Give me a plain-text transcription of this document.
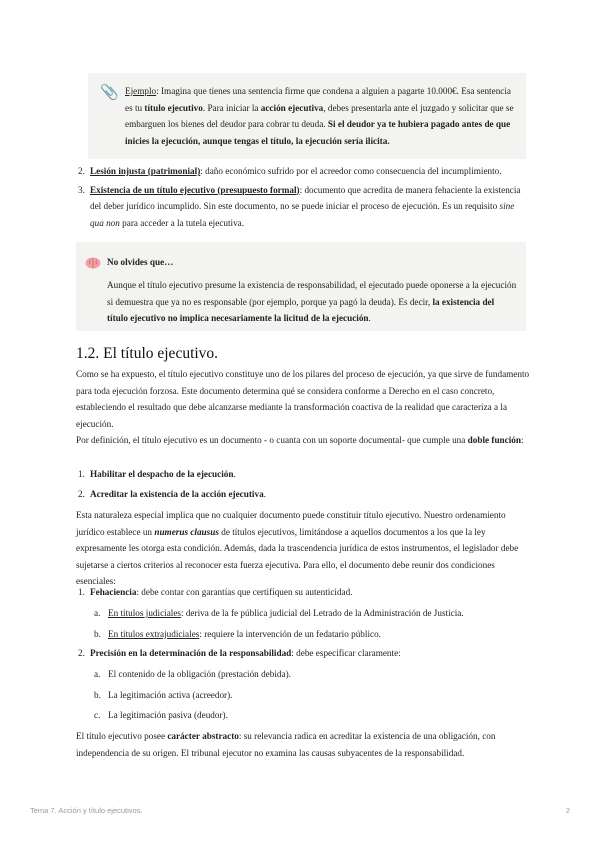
📎 Ejemplo: Imagina que tienes una sentencia firme que condena a alguien a pagarte 10.000€. Esa sentencia es tu título ejecutivo. Para iniciar la acción ejecutiva, debes presentarla ante el juzgado y solicitar que se embarguen los bienes del deudor para cobrar tu deuda. Si el deudor ya te hubiera pagado antes de que inicies la ejecución, aunque tengas el título, la ejecución sería ilícita.
2. Lesión injusta (patrimonial): daño económico sufrido por el acreedor como consecuencia del incumplimiento.
3. Existencia de un título ejecutivo (presupuesto formal): documento que acredita de manera fehaciente la existencia del deber jurídico incumplido. Sin este documento, no se puede iniciar el proceso de ejecución. Es un requisito sine qua non para acceder a la tutela ejecutiva.
No olvides que…
Aunque el título ejecutivo presume la existencia de responsabilidad, el ejecutado puede oponerse a la ejecución si demuestra que ya no es responsable (por ejemplo, porque ya pagó la deuda). Es decir, la existencia del título ejecutivo no implica necesariamente la licitud de la ejecución.
1.2. El título ejecutivo.
Como se ha expuesto, el título ejecutivo constituye uno de los pilares del proceso de ejecución, ya que sirve de fundamento para toda ejecución forzosa. Este documento determina qué se considera conforme a Derecho en el caso concreto, estableciendo el resultado que debe alcanzarse mediante la transformación coactiva de la realidad que caracteriza a la ejecución.
Por definición, el título ejecutivo es un documento - o cuanta con un soporte documental- que cumple una doble función:
1. Habilitar el despacho de la ejecución.
2. Acreditar la existencia de la acción ejecutiva.
Esta naturaleza especial implica que no cualquier documento puede constituir título ejecutivo. Nuestro ordenamiento jurídico establece un numerus clausus de títulos ejecutivos, limitándose a aquellos documentos a los que la ley expresamente les otorga esta condición. Además, dada la trascendencia jurídica de estos instrumentos, el legislador debe sujetarse a ciertos criterios al reconocer esta fuerza ejecutiva. Para ello, el documento debe reunir dos condiciones esenciales:
1. Fehaciencia: debe contar con garantías que certifiquen su autenticidad.
a. En títulos judiciales: deriva de la fe pública judicial del Letrado de la Administración de Justicia.
b. En títulos extrajudiciales: requiere la intervención de un fedatario público.
2. Precisión en la determinación de la responsabilidad: debe especificar claramente:
a. El contenido de la obligación (prestación debida).
b. La legitimación activa (acreedor).
c. La legitimación pasiva (deudor).
El título ejecutivo posee carácter abstracto: su relevancia radica en acreditar la existencia de una obligación, con independencia de su origen. El tribunal ejecutor no examina las causas subyacentes de la responsabilidad.
Tema 7. Acción y título ejecutivos.	2
